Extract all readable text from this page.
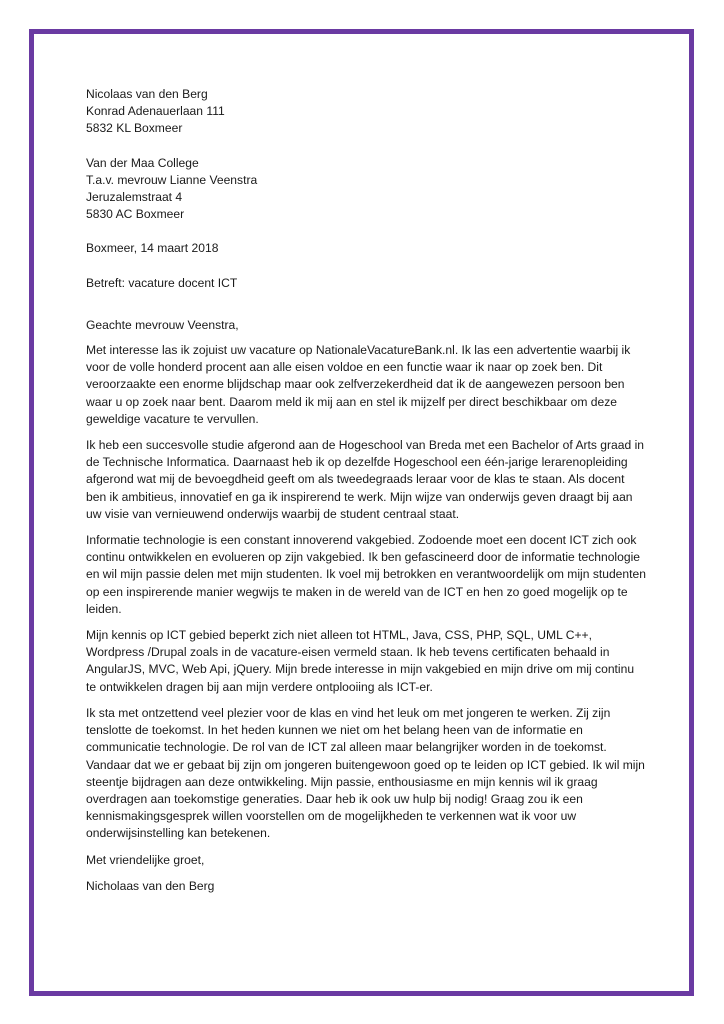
Nicolaas van den Berg
Konrad Adenauerlaan 111
5832 KL Boxmeer
Van der Maa College
T.a.v. mevrouw Lianne Veenstra
Jeruzalemstraat 4
5830 AC Boxmeer
Boxmeer, 14 maart 2018
Betreft: vacature docent ICT
Geachte mevrouw Veenstra,

Met interesse las ik zojuist uw vacature op NationaleVacatureBank.nl. Ik las een advertentie waarbij ik voor de volle honderd procent aan alle eisen voldoe en een functie waar ik naar op zoek ben. Dit veroorzaakte een enorme blijdschap maar ook zelfverzekerdheid dat ik de aangewezen persoon ben waar u op zoek naar bent. Daarom meld ik mij aan en stel ik mijzelf per direct beschikbaar om deze geweldige vacature te vervullen.

Ik heb een succesvolle studie afgerond aan de Hogeschool van Breda met een Bachelor of Arts graad in de Technische Informatica. Daarnaast heb ik op dezelfde Hogeschool een één-jarige lerarenopleiding afgerond wat mij de bevoegdheid geeft om als tweedegraads leraar voor de klas te staan. Als docent ben ik ambitieus, innovatief en ga ik inspirerend te werk. Mijn wijze van onderwijs geven draagt bij aan uw visie van vernieuwend onderwijs waarbij de student centraal staat.

Informatie technologie is een constant innoverend vakgebied. Zodoende moet een docent ICT zich ook continu ontwikkelen en evolueren op zijn vakgebied. Ik ben gefascineerd door de informatie technologie en wil mijn passie delen met mijn studenten. Ik voel mij betrokken en verantwoordelijk om mijn studenten op een inspirerende manier wegwijs te maken in de wereld van de ICT en hen zo goed mogelijk op te leiden.

Mijn kennis op ICT gebied beperkt zich niet alleen tot HTML, Java, CSS, PHP, SQL, UML C++, Wordpress /Drupal zoals in de vacature-eisen vermeld staan. Ik heb tevens certificaten behaald in AngularJS, MVC, Web Api, jQuery. Mijn brede interesse in mijn vakgebied en mijn drive om mij continu te ontwikkelen dragen bij aan mijn verdere ontplooiing als ICT-er.

Ik sta met ontzettend veel plezier voor de klas en vind het leuk om met jongeren te werken. Zij zijn tenslotte de toekomst. In het heden kunnen we niet om het belang heen van de informatie en communicatie technologie. De rol van de ICT zal alleen maar belangrijker worden in de toekomst. Vandaar dat we er gebaat bij zijn om jongeren buitengewoon goed op te leiden op ICT gebied. Ik wil mijn steentje bijdragen aan deze ontwikkeling. Mijn passie, enthousiasme en mijn kennis wil ik graag overdragen aan toekomstige generaties. Daar heb ik ook uw hulp bij nodig! Graag zou ik een kennismakingsgesprek willen voorstellen om de mogelijkheden te verkennen wat ik voor uw onderwijsinstelling kan betekenen.

Met vriendelijke groet,
Nicholaas van den Berg
